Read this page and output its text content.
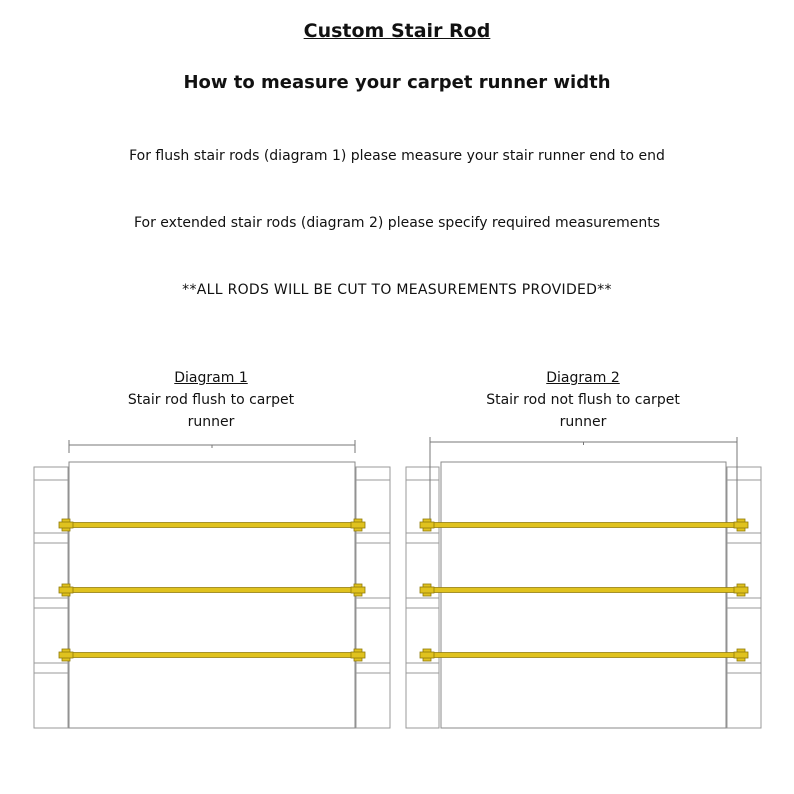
Custom Stair Rod
How to measure your carpet runner width
For flush stair rods (diagram 1) please measure your stair runner end to end
For extended stair rods (diagram 2) please specify required measurements
**ALL RODS WILL BE CUT TO MEASUREMENTS PROVIDED**
Diagram 1
Stair rod flush to carpet
runner
Diagram 2
Stair rod not flush to carpet
runner
